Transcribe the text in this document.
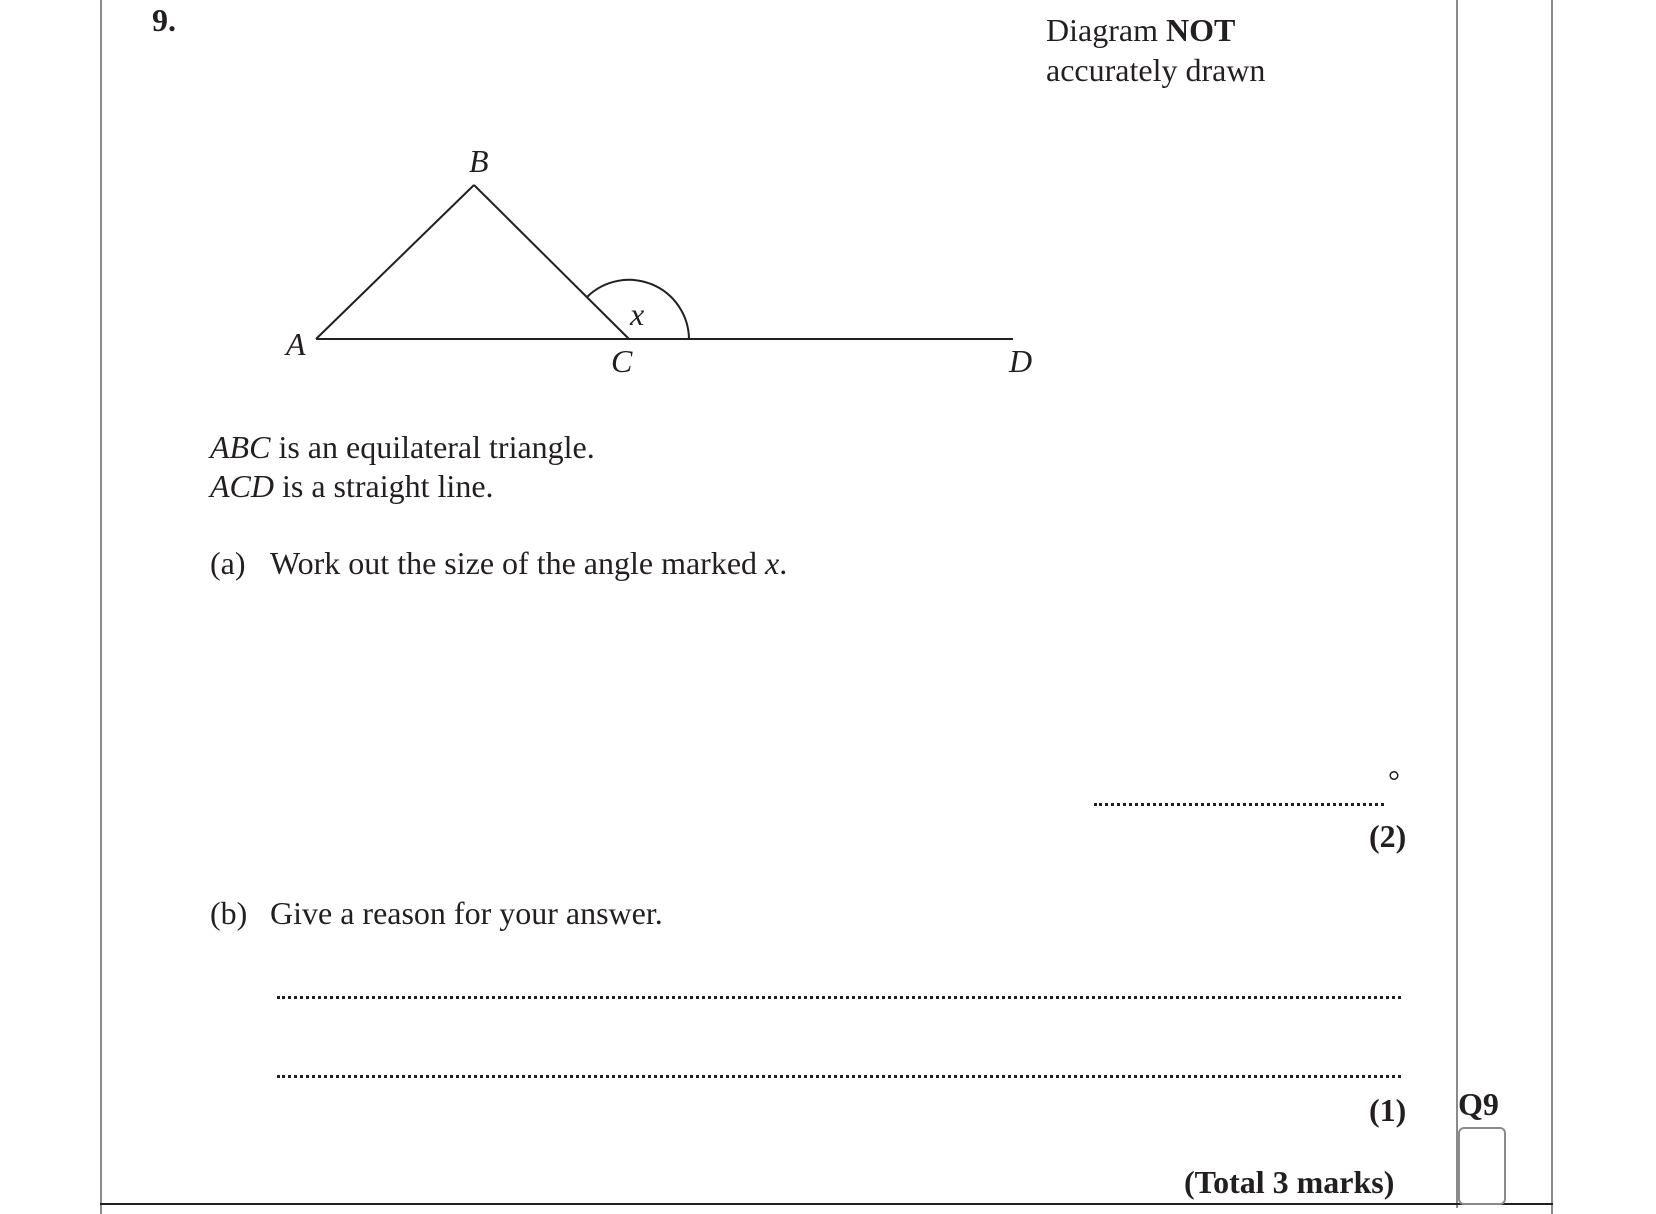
9.	Diagram NOT
accurately drawn
B
A	C	D
x
ABC is an equilateral triangle.
ACD is a straight line.
(a) Work out the size of the angle marked x.
°
(2)
(b) Give a reason for your answer.
(1) Q9
(Total 3 marks)
